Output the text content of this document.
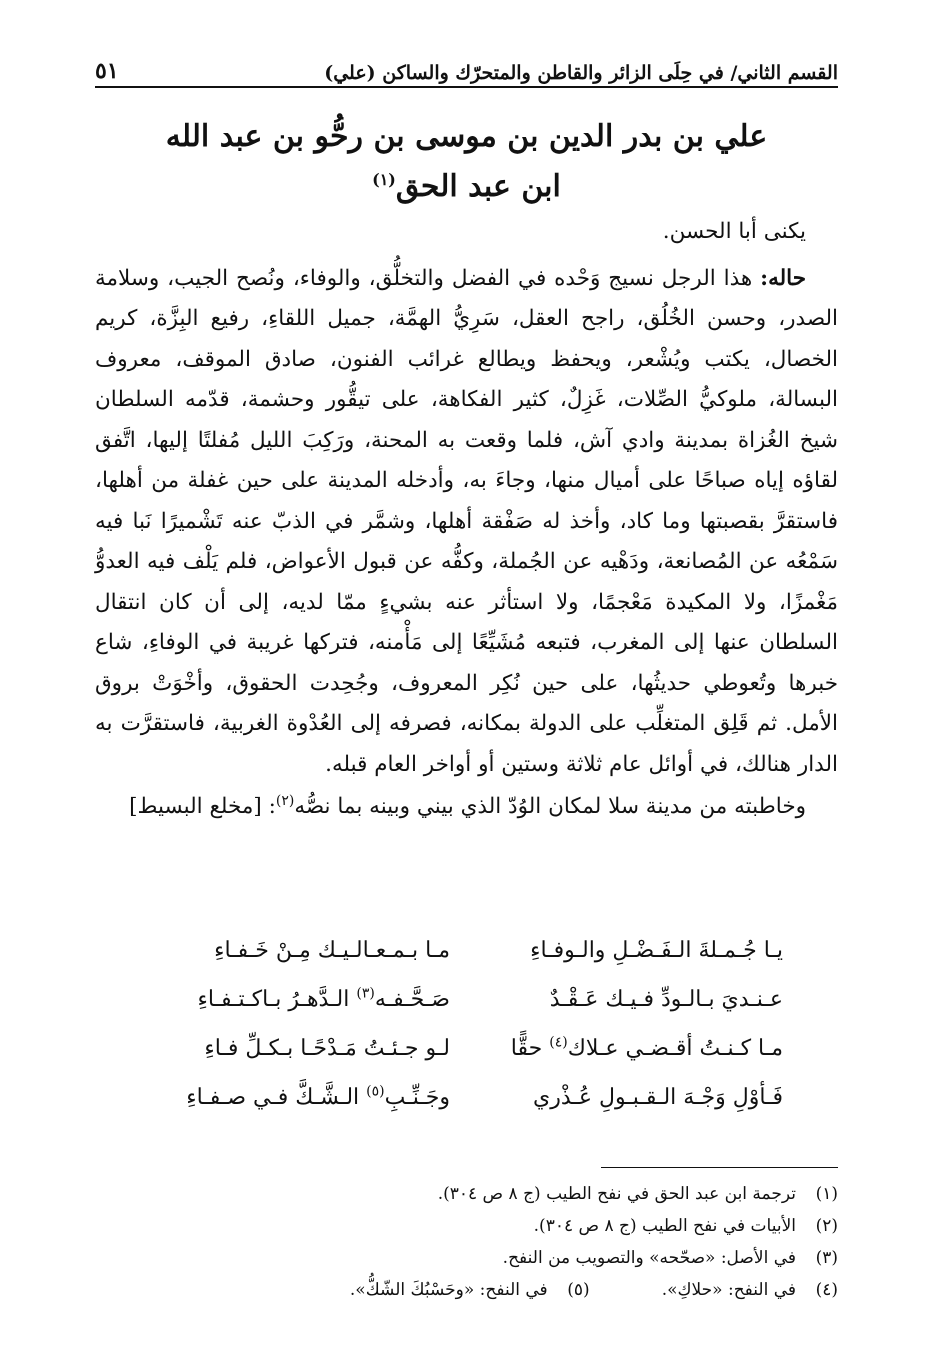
القسم الثاني/ في حِلَى الزائر والقاطن والمتحرّك والساكن (علي)
٥١
علي بن بدر الدين بن موسى بن رحُّو بن عبد الله
ابن عبد الحق$^{(١)}$

يكنى أبا الحسن.

حاله: هذا الرجل نسيج وَحْده في الفضل والتخلُّق، والوفاء، ونُصح الجيب، وسلامة الصدر، وحسن الخُلُق، راجح العقل، سَرِيُّ الهمَّة، جميل اللقاءِ، رفيع البِزَّة، كريم الخصال، يكتب ويُشْعر، ويحفظ ويطالع غرائب الفنون، صادق الموقف، معروف البسالة، ملوكيُّ الصِّلات، غَزِلٌ، كثير الفكاهة، على تيقُّور وحشمة، قدّمه السلطان شيخ الغُزاة بمدينة وادي آش، فلما وقعت به المحنة، ورَكِبَ الليل مُفلتًا إليها، اتَّفق لقاؤه إياه صباحًا على أميال منها، وجاءَ به، وأدخله المدينة على حين غفلة من أهلها، فاستقرَّ بقصبتها وما كاد، وأخذ له صَفْقة أهلها، وشمَّر في الذبّ عنه تَشْميرًا نَبا فيه سَمْعُه عن المُصانعة، ودَهْيه عن الجُملة، وكفُّه عن قبول الأعواض، فلم يَلْف فيه العدوُّ مَغْمزًا، ولا المكيدة مَعْجمًا، ولا استأثر عنه بشيءٍ ممّا لديه، إلى أن كان انتقال السلطان عنها إلى المغرب، فتبعه مُشَيِّعًا إلى مَأْمنه، فتركها غريبة في الوفاءِ، شاع خبرها وتُعوطي حديثُها، على حين نُكِر المعروف، وجُحِدت الحقوق، وأخْوَتْ بروق الأمل. ثم قَلِق المتغلِّب على الدولة بمكانه، فصرفه إلى العُدْوة الغربية، فاستقرَّت به الدار هنالك، في أوائل عام ثلاثة وستين أو أواخر العام قبله.

وخاطبته من مدينة سلا لمكان الوُدّ الذي بيني وبينه بما نصُّه$^{(٢)}$: [مخلع البسيط]

يـا جُـمـلةَ الـفَـضْـلِ والـوفـاءِ
مـا بـمـعـالـيـك مِـنْ خَـفـاءِ
عـنـديَ بـالـودِّ فـيـك عَـقْـدٌ
صَـحَّـفـه$^{(٣)}$ الـدَّهـرُ بـاكـتـفـاءِ
مـا كـنـتُ أقـضـي عـلاك$^{(٤)}$ حقًّا
لـو جـئـتُ مَـدْحًـا بـكـلِّ فـاءِ
فَـأوْلِ وَجْـهَ الـقـبـولِ عُـذْري
وجَـنِّـبِ$^{(٥)}$ الـشَّـكَّ فـي صـفـاءِ
(١)
ترجمة ابن عبد الحق في نفح الطيب (ج ٨ ص ٣٠٤).
(٢)
الأبيات في نفح الطيب (ج ٨ ص ٣٠٤).
(٣)
في الأصل: «صحّحه» والتصويب من النفح.
(٤)
في النفح: «حلاكِ».
(٥)
في النفح: «وحَسْبُكَ الشّكُّ».
